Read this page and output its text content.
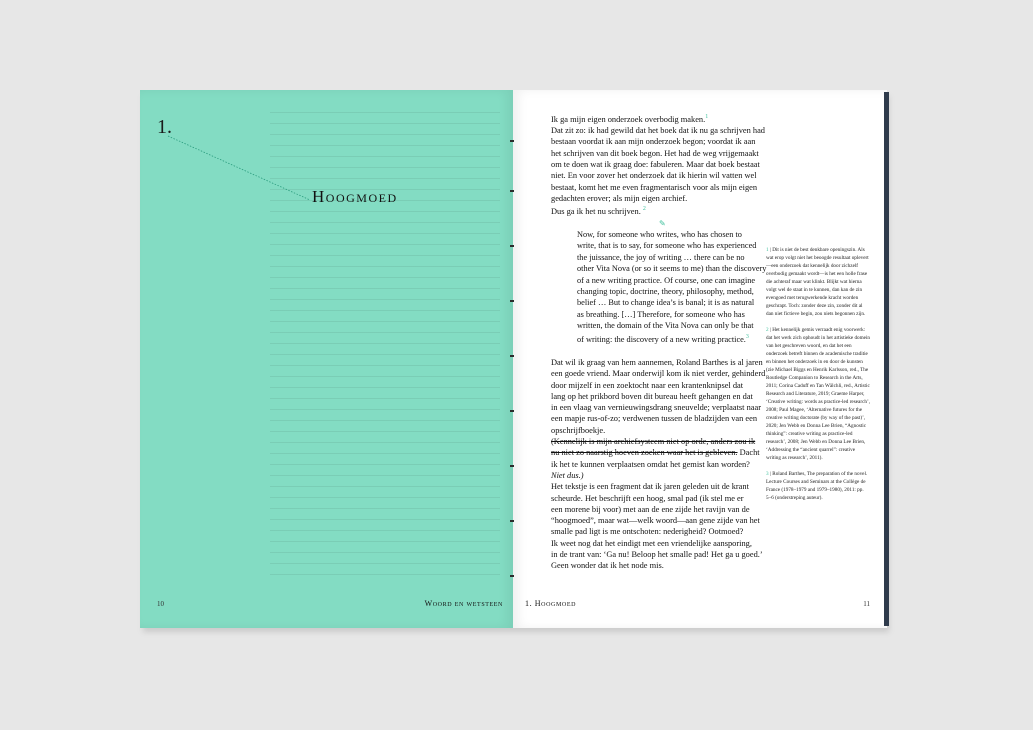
1.
Hoogmoed
10	Woord en wetsteen

Ik ga mijn eigen onderzoek overbodig maken.$^1$

Dat zit zo: ik had gewild dat het boek dat ik nu ga schrijven had

bestaan voordat ik aan mijn onderzoek begon; voordat ik aan

het schrijven van dit boek begon. Het had de weg vrijgemaakt

om te doen wat ik graag doe: fabuleren. Maar dat boek bestaat

niet. En voor zover het onderzoek dat ik hierin wil vatten wel

bestaat, komt het me even fragmentarisch voor als mijn eigen

gedachten erover; als mijn eigen archief.

Dus ga ik het nu schrijven. $^2$

✎
Now, for someone who writes, who has chosen to
write, that is to say, for someone who has experienced
the juissance, the joy of writing … there can be no
other Vita Nova (or so it seems to me) than the discovery
of a new writing practice. Of course, one can imagine
changing topic, doctrine, theory, philosophy, method,
belief … But to change idea’s is banal; it is as natural
as breathing. […] Therefore, for someone who has
written, the domain of the Vita Nova can only be that
of writing: the discovery of a new writing practice.$^3$

Dat wil ik graag van hem aannemen, Roland Barthes is al jaren

een goede vriend. Maar onderwijl kom ik niet verder, gehinderd

door mijzelf in een zoektocht naar een krantenknipsel dat

lang op het prikbord boven dit bureau heeft gehangen en dat

in een vlaag van vernieuwingsdrang sneuvelde; verplaatst naar

een mapje rus-of-zo; verdwenen tussen de bladzijden van een

opschrijfboekje.

(Kennelijk is mijn archiefsysteem niet op orde, anders zou ik

nu niet zo naarstig hoeven zoeken waar het is gebleven. Dacht

ik het te kunnen verplaatsen omdat het gemist kan worden?

Niet dus.)

Het tekstje is een fragment dat ik jaren geleden uit de krant

scheurde. Het beschrijft een hoog, smal pad (ik stel me er

een morene bij voor) met aan de ene zijde het ravijn van de

“hoogmoed”, maar wat—welk woord—aan gene zijde van het

smalle pad ligt is me ontschoten: nederigheid? Ootmoed?

Ik weet nog dat het eindigt met een vriendelijke aansporing,

in de trant van: ‘Ga nu! Beloop het smalle pad! Het ga u goed.’

Geen wonder dat ik het node mis.

1 | Dit is niet de best denkbare openingszin. Als wat erop volgt niet het beoogde resultaat oplevert—een onderzoek dat kennelijk door zichzelf overbodig gemaakt wordt—is het een holle frase die achteraf maar wat klinkt. Blijkt wat hierna volgt wel de staat in te kunnen, dan kan de zin evengoed met terugwerkende kracht worden geschrapt. Toch: zonder deze zin, zonder dit al dan niet fictieve begin, zou niets begonnen zijn.

2 | Het kennelijk gemis verraadt enig voorwerk: dat het werk zich ophoudt in het artistieke domein van het geschreven woord, en dat het een onderzoek betreft binnen de academische traditie en binnen het onderzoek in en door de kunsten (zie Michael Biggs en Henrik Karlsson, red., The Routledge Companion to Research in the Arts, 2011; Corina Caduff en Tan Wälchli, red., Artistic Research and Literature, 2019; Graeme Harper, ‘Creative writing: words as practice-led research’, 2008; Paul Magee, ‘Alternative futures for the creative writing doctorate (by way of the past)’, 2020; Jen Webb en Donna Lee Brien, “Agnostic thinking”: creative writing as practice-led research’, 2008; Jen Webb en Donna Lee Brien, ‘Addressing the “ancient quarrel”: creative writing as research’, 2011).

3 | Roland Barthes, The preparation of the novel. Lecture Courses and Seminars at the Collège de France (1978–1979 and 1979–1980), 2011: pp. 5–6 (onderstreping auteur).

1. Hoogmoed	11
